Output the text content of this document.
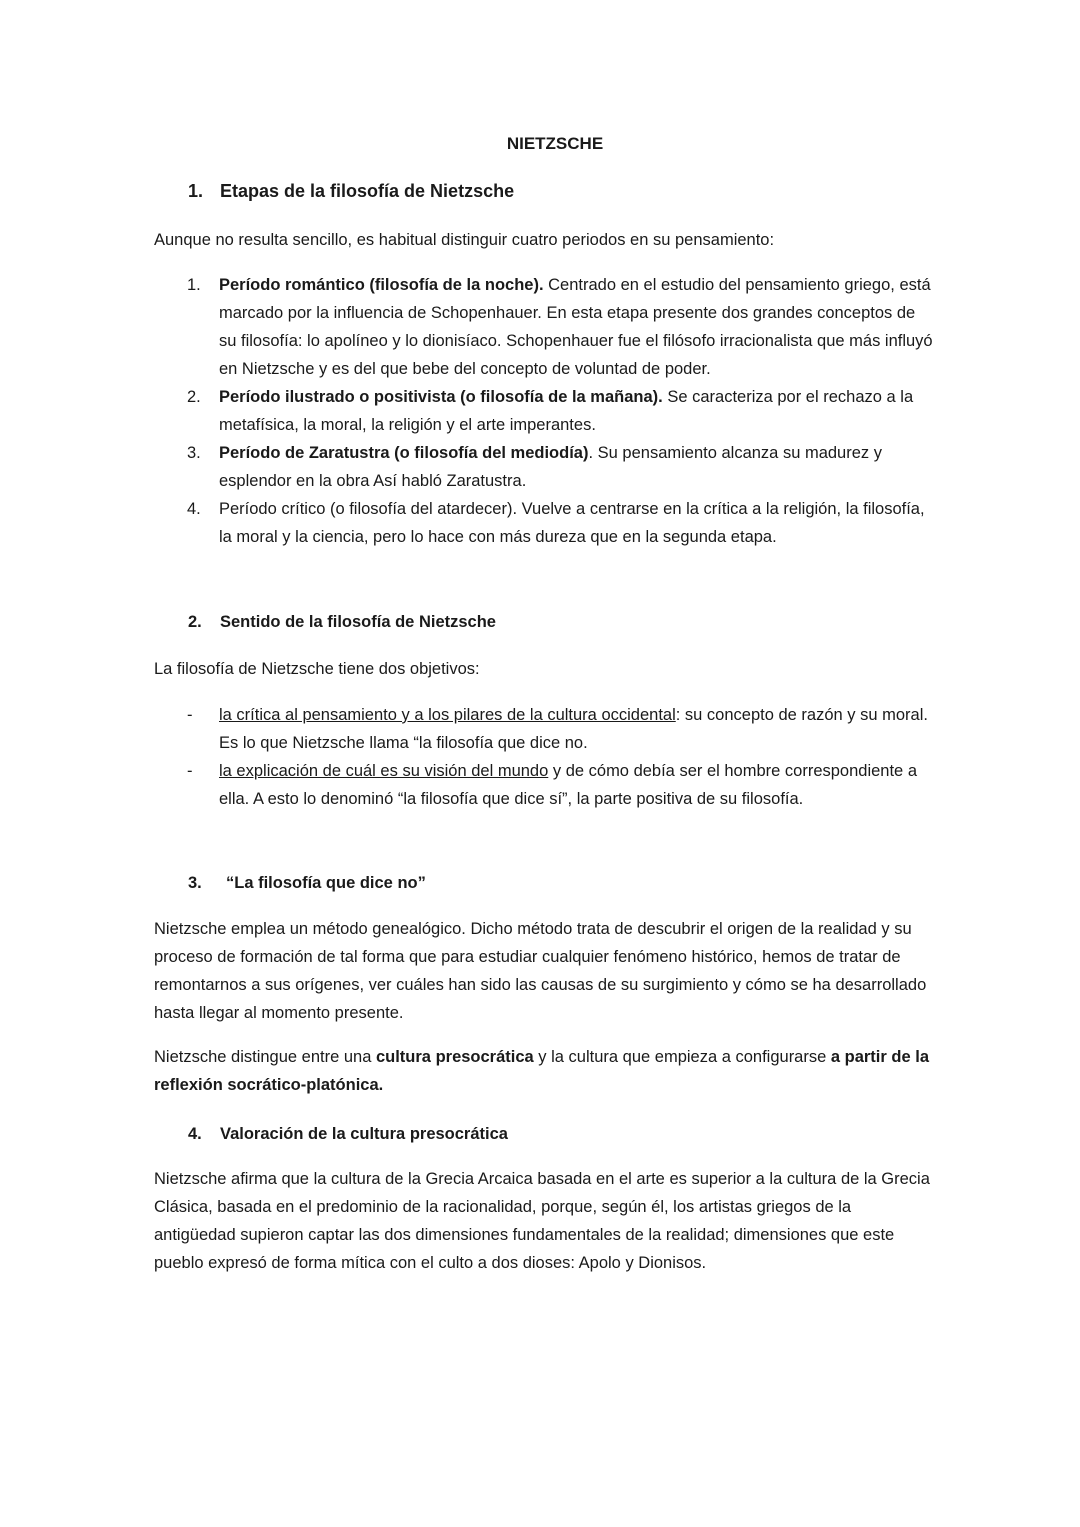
NIETZSCHE
1. Etapas de la filosofía de Nietzsche

Aunque no resulta sencillo, es habitual distinguir cuatro periodos en su pensamiento:

1. Período romántico (filosofía de la noche). Centrado en el estudio del pensamiento griego, está marcado por la influencia de Schopenhauer. En esta etapa presente dos grandes conceptos de su filosofía: lo apolíneo y lo dionisíaco. Schopenhauer fue el filósofo irracionalista que más influyó en Nietzsche y es del que bebe del concepto de voluntad de poder.
2. Período ilustrado o positivista (o filosofía de la mañana). Se caracteriza por el rechazo a la metafísica, la moral, la religión y el arte imperantes.
3. Período de Zaratustra (o filosofía del mediodía). Su pensamiento alcanza su madurez y esplendor en la obra Así habló Zaratustra.
4. Período crítico (o filosofía del atardecer). Vuelve a centrarse en la crítica a la religión, la filosofía, la moral y la ciencia, pero lo hace con más dureza que en la segunda etapa.
2. Sentido de la filosofía de Nietzsche

La filosofía de Nietzsche tiene dos objetivos:

- la crítica al pensamiento y a los pilares de la cultura occidental: su concepto de razón y su moral. Es lo que Nietzsche llama “la filosofía que dice no.
- la explicación de cuál es su visión del mundo y de cómo debía ser el hombre correspondiente a ella. A esto lo denominó “la filosofía que dice sí”, la parte positiva de su filosofía.
3. “La filosofía que dice no”

Nietzsche emplea un método genealógico. Dicho método trata de descubrir el origen de la realidad y su proceso de formación de tal forma que para estudiar cualquier fenómeno histórico, hemos de tratar de remontarnos a sus orígenes, ver cuáles han sido las causas de su surgimiento y cómo se ha desarrollado hasta llegar al momento presente.

Nietzsche distingue entre una cultura presocrática y la cultura que empieza a configurarse a partir de la reflexión socrático-platónica.

4. Valoración de la cultura presocrática

Nietzsche afirma que la cultura de la Grecia Arcaica basada en el arte es superior a la cultura de la Grecia Clásica, basada en el predominio de la racionalidad, porque, según él, los artistas griegos de la antigüedad supieron captar las dos dimensiones fundamentales de la realidad; dimensiones que este pueblo expresó de forma mítica con el culto a dos dioses: Apolo y Dionisos.
